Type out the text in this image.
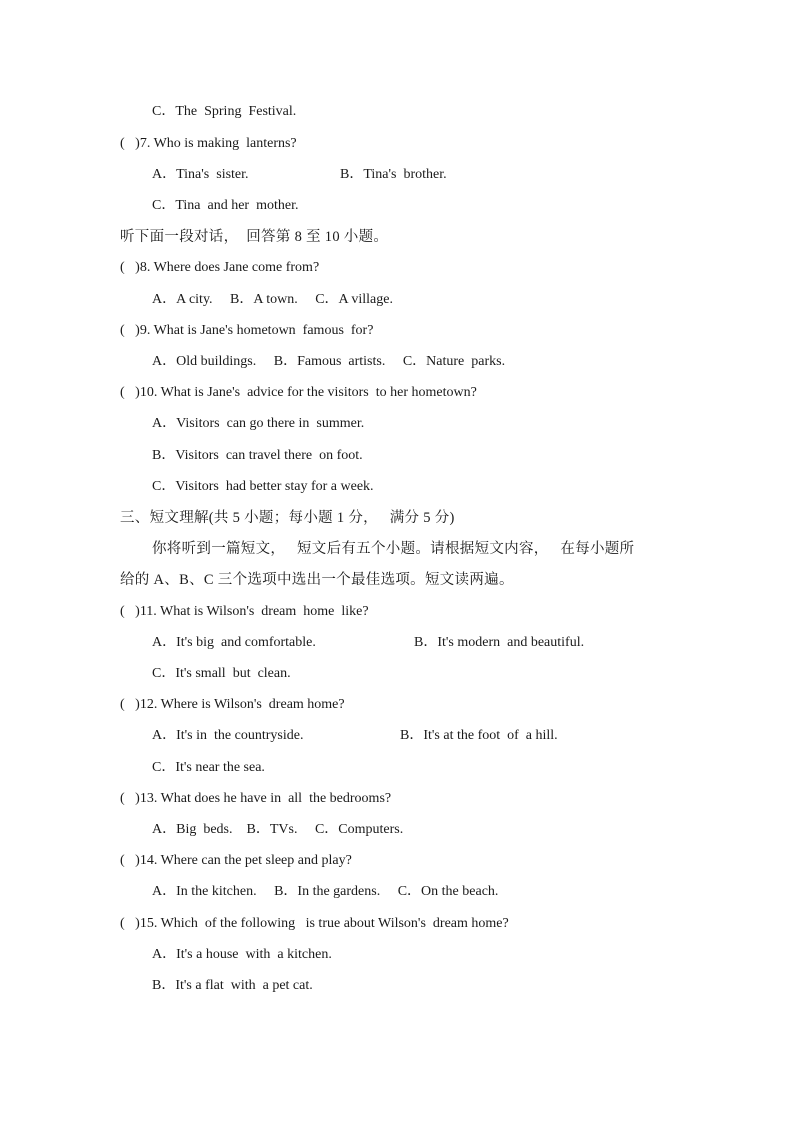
C．The  Spring  Festival.
(   )7. Who is making  lanterns?
A．Tina's  sister.	B．Tina's  brother.
C．Tina  and her  mother.
听下面一段对话，  回答第 8 至 10 小题。
(   )8. Where does Jane come from?
A．A city.     B．A town.     C．A village.
(   )9. What is Jane's hometown  famous  for?
A．Old buildings.     B．Famous  artists.     C．Nature  parks.
(   )10. What is Jane's  advice for the visitors  to her hometown?
A．Visitors  can go there in  summer.
B．Visitors  can travel there  on foot.
C．Visitors  had better stay for a week.
三、短文理解(共 5 小题；每小题 1 分，   满分 5 分)
你将听到一篇短文，   短文后有五个小题。请根据短文内容，   在每小题所
给的 A、B、C 三个选项中选出一个最佳选项。短文读两遍。
(   )11. What is Wilson's  dream  home  like?
A．It's big  and comfortable.	B．It's modern  and beautiful.
C．It's small  but  clean.
(   )12. Where is Wilson's  dream home?
A．It's in  the countryside.	B．It's at the foot  of  a hill.
C．It's near the sea.
(   )13. What does he have in  all  the bedrooms?
A．Big  beds.    B．TVs.     C．Computers.
(   )14. Where can the pet sleep and play?
A．In the kitchen.     B．In the gardens.     C．On the beach.
(   )15. Which  of the following   is true about Wilson's  dream home?
A．It's a house  with  a kitchen.
B．It's a flat  with  a pet cat.
